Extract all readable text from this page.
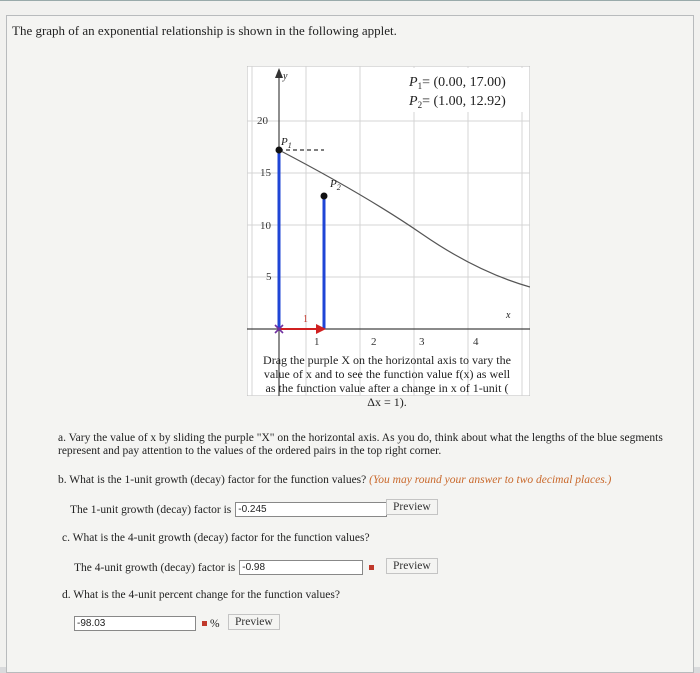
The graph of an exponential relationship is shown in the following applet.
y
x
20
15
10
5
1
1	2	3	4
$P_1$
$P_2$
$P_1= (0.00$, 17.00)
$P_2= (1.00$, 12.92)
Drag the purple X on the horizontal axis to vary the
value of x and to see the function value f(x) as well
as the function value after a change in x of 1-unit (
Δx = 1).
a. Vary the value of x by sliding the purple "X" on the horizontal axis. As you do, think about what the lengths of the blue segments represent and pay attention to the values of the ordered pairs in the top right corner.
b. What is the 1-unit growth (decay) factor for the function values? (You may round your answer to two decimal places.)
The 1-unit growth (decay) factor is -0.245	Preview
c. What is the 4-unit growth (decay) factor for the function values?
The 4-unit growth (decay) factor is -0.98	Preview
d. What is the 4-unit percent change for the function values?
-98.03	%	Preview
